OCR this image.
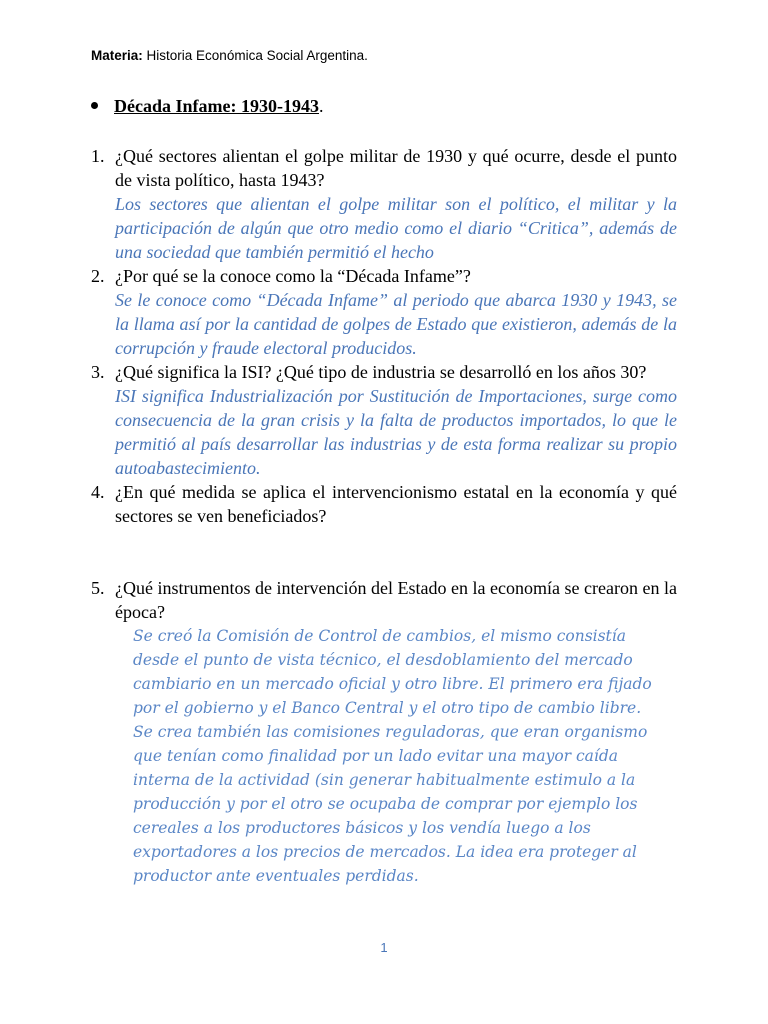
Materia: Historia Económica Social Argentina.
Década Infame: 1930-1943.
1. ¿Qué sectores alientan el golpe militar de 1930 y qué ocurre, desde el punto de vista político, hasta 1943?

Los sectores que alientan el golpe militar son el político, el militar y la participación de algún que otro medio como el diario “Critica”, además de una sociedad que también permitió el hecho

2. ¿Por qué se la conoce como la “Década Infame”?

Se le conoce como “Década Infame” al periodo que abarca 1930 y 1943, se la llama así por la cantidad de golpes de Estado que existieron, además de la corrupción y fraude electoral producidos.

3. ¿Qué significa la ISI? ¿Qué tipo de industria se desarrolló en los años 30?

ISI significa Industrialización por Sustitución de Importaciones, surge como consecuencia de la gran crisis y la falta de productos importados, lo que le permitió al país desarrollar las industrias y de esta forma realizar su propio autoabastecimiento.

4. ¿En qué medida se aplica el intervencionismo estatal en la economía y qué sectores se ven beneficiados?

5. ¿Qué instrumentos de intervención del Estado en la economía se crearon en la época?

Se creó la Comisión de Control de cambios, el mismo consistía desde el punto de vista técnico, el desdoblamiento del mercado cambiario en un mercado oficial y otro libre. El primero era fijado por el gobierno y el Banco Central y el otro tipo de cambio libre. Se crea también las comisiones reguladoras, que eran organismo que tenían como finalidad por un lado evitar una mayor caída interna de la actividad (sin generar habitualmente estimulo a la producción y por el otro se ocupaba de comprar por ejemplo los cereales a los productores básicos y los vendía luego a los exportadores a los precios de mercados. La idea era proteger al productor ante eventuales perdidas.

1
